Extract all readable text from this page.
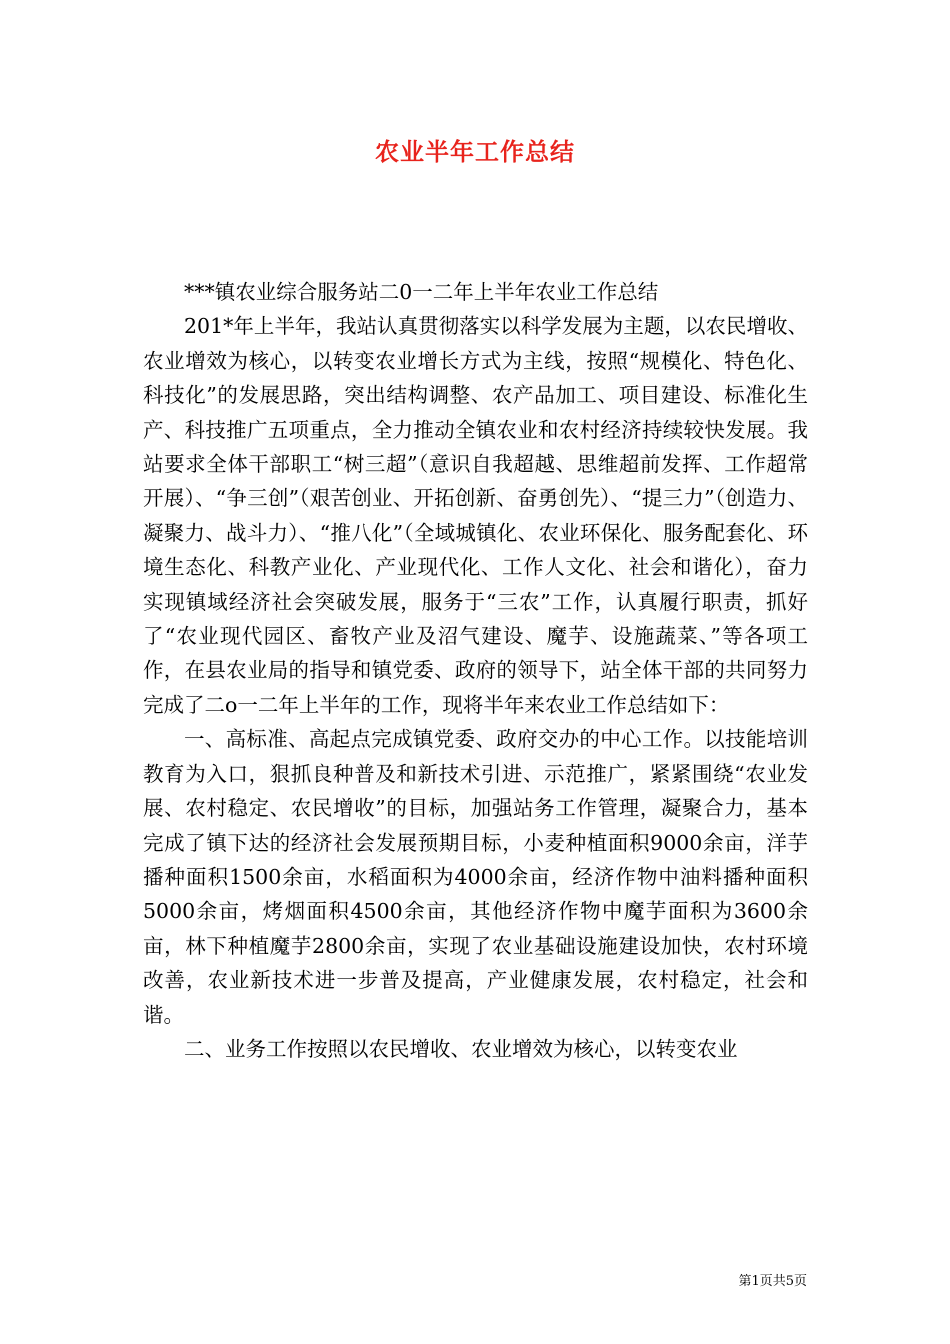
农业半年工作总结

***镇农业综合服务站二0一二年上半年农业工作总结

201*年上半年，我站认真贯彻落实以科学发展为主题，以农民增收、农业增效为核心，以转变农业增长方式为主线，按照“规模化、特色化、科技化”的发展思路，突出结构调整、农产品加工、项目建设、标准化生产、科技推广五项重点，全力推动全镇农业和农村经济持续较快发展。我站要求全体干部职工“树三超”（意识自我超越、思维超前发挥、工作超常开展）、“争三创”（艰苦创业、开拓创新、奋勇创先）、“提三力”（创造力、凝聚力、战斗力）、“推八化”（全域城镇化、农业环保化、服务配套化、环境生态化、科教产业化、产业现代化、工作人文化、社会和谐化），奋力实现镇域经济社会突破发展，服务于“三农”工作，认真履行职责，抓好了“农业现代园区、畜牧产业及沼气建设、魔芋、设施蔬菜、”等各项工作，在县农业局的指导和镇党委、政府的领导下，站全体干部的共同努力完成了二o一二年上半年的工作，现将半年来农业工作总结如下：

一、高标准、高起点完成镇党委、政府交办的中心工作。以技能培训教育为入口，狠抓良种普及和新技术引进、示范推广，紧紧围绕“农业发展、农村稳定、农民增收”的目标，加强站务工作管理，凝聚合力，基本完成了镇下达的经济社会发展预期目标，小麦种植面积9000余亩，洋芋播种面积1500余亩，水稻面积为4000余亩，经济作物中油料播种面积5000余亩，烤烟面积4500余亩，其他经济作物中魔芋面积为3600余亩，林下种植魔芋2800余亩，实现了农业基础设施建设加快，农村环境改善，农业新技术进一步普及提高，产业健康发展，农村稳定，社会和谐。

二、业务工作按照以农民增收、农业增效为核心，以转变农业

第1页共5页
